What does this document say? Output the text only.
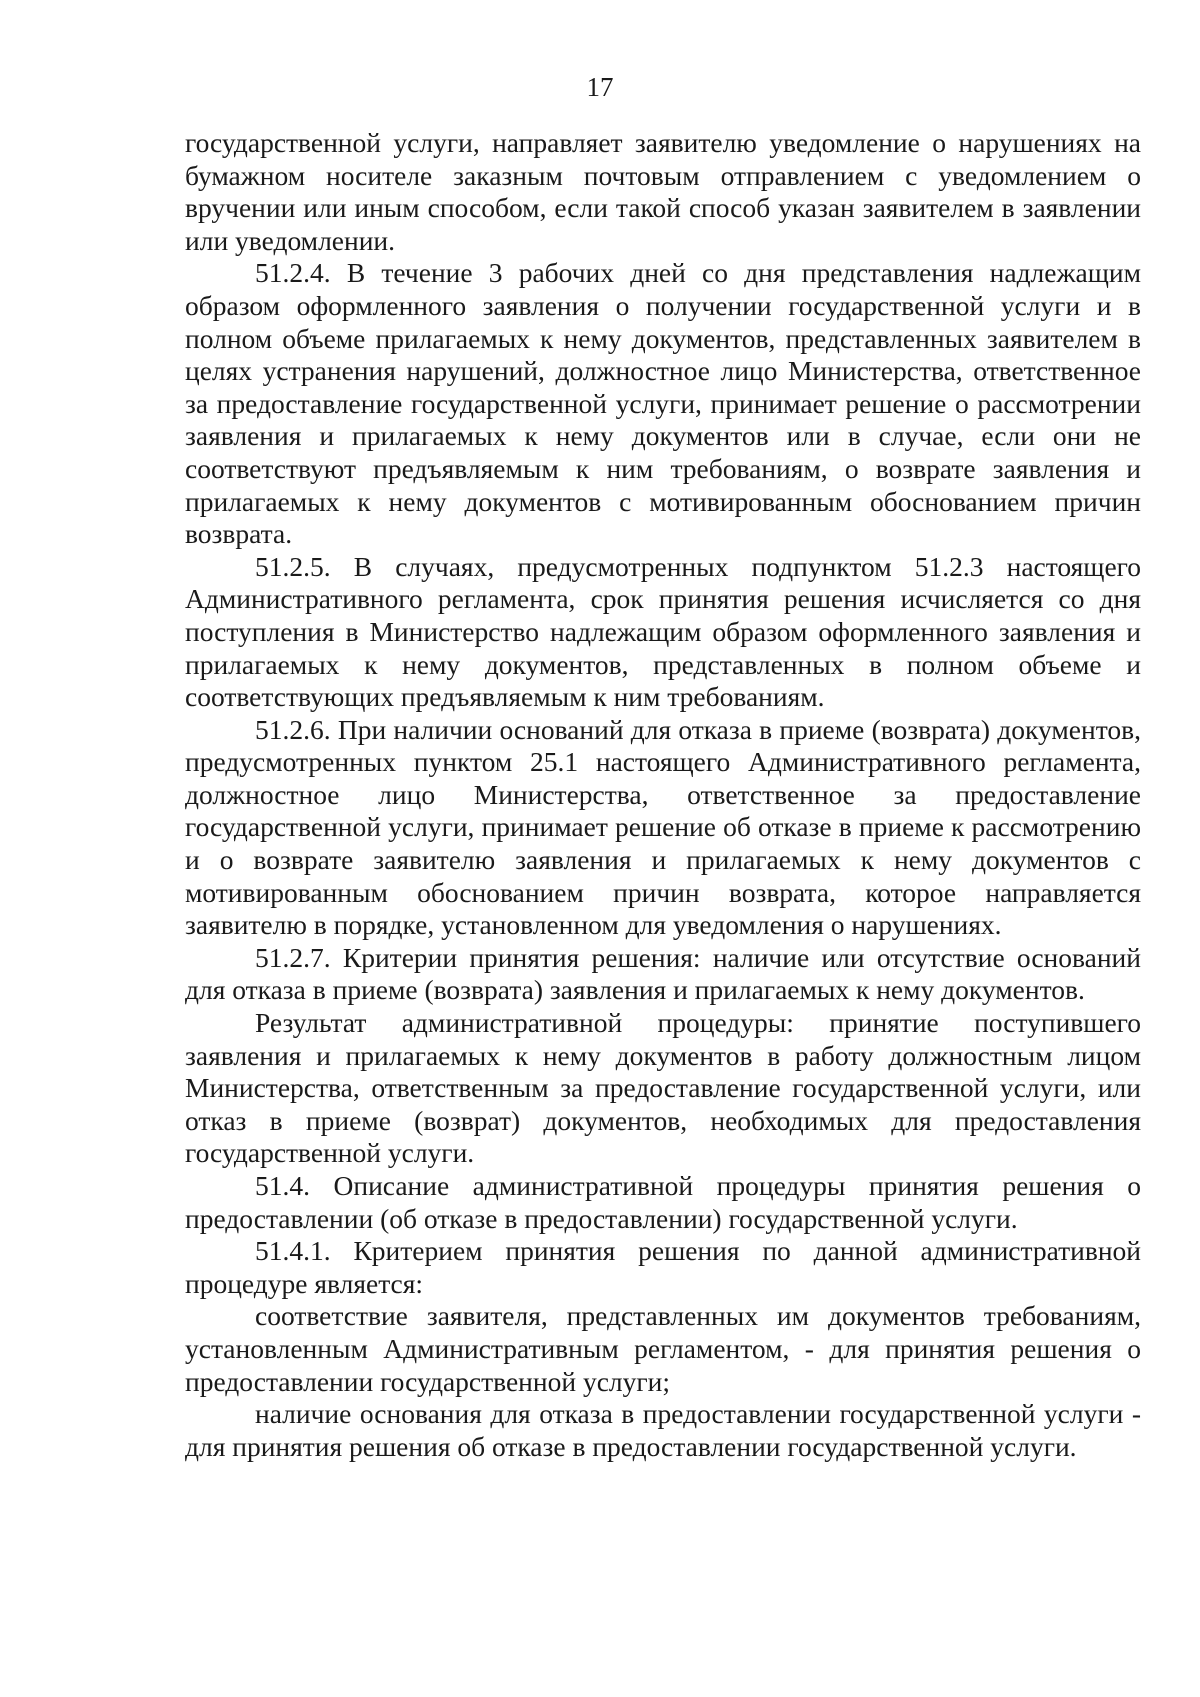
17

государственной услуги, направляет заявителю уведомление о нарушениях на бумажном носителе заказным почтовым отправлением с уведомлением о вручении или иным способом, если такой способ указан заявителем в заявлении или уведомлении.

51.2.4. В течение 3 рабочих дней со дня представления надлежащим образом оформленного заявления о получении государственной услуги и в полном объеме прилагаемых к нему документов, представленных заявителем в целях устранения нарушений, должностное лицо Министерства, ответственное за предоставление государственной услуги, принимает решение о рассмотрении заявления и прилагаемых к нему документов или в случае, если они не соответствуют предъявляемым к ним требованиям, о возврате заявления и прилагаемых к нему документов с мотивированным обоснованием причин возврата.

51.2.5. В случаях, предусмотренных подпунктом 51.2.3 настоящего Административного регламента, срок принятия решения исчисляется со дня поступления в Министерство надлежащим образом оформленного заявления и прилагаемых к нему документов, представленных в полном объеме и соответствующих предъявляемым к ним требованиям.

51.2.6. При наличии оснований для отказа в приеме (возврата) документов, предусмотренных пунктом 25.1 настоящего Административного регламента, должностное лицо Министерства, ответственное за предоставление государственной услуги, принимает решение об отказе в приеме к рассмотрению и о возврате заявителю заявления и прилагаемых к нему документов с мотивированным обоснованием причин возврата, которое направляется заявителю в порядке, установленном для уведомления о нарушениях.

51.2.7. Критерии принятия решения: наличие или отсутствие оснований для отказа в приеме (возврата) заявления и прилагаемых к нему документов.

Результат административной процедуры: принятие поступившего заявления и прилагаемых к нему документов в работу должностным лицом Министерства, ответственным за предоставление государственной услуги, или отказ в приеме (возврат) документов, необходимых для предоставления государственной услуги.

51.4. Описание административной процедуры принятия решения о предоставлении (об отказе в предоставлении) государственной услуги.

51.4.1. Критерием принятия решения по данной административной процедуре является:

соответствие заявителя, представленных им документов требованиям, установленным Административным регламентом, - для принятия решения о предоставлении государственной услуги;

наличие основания для отказа в предоставлении государственной услуги - для принятия решения об отказе в предоставлении государственной услуги.
